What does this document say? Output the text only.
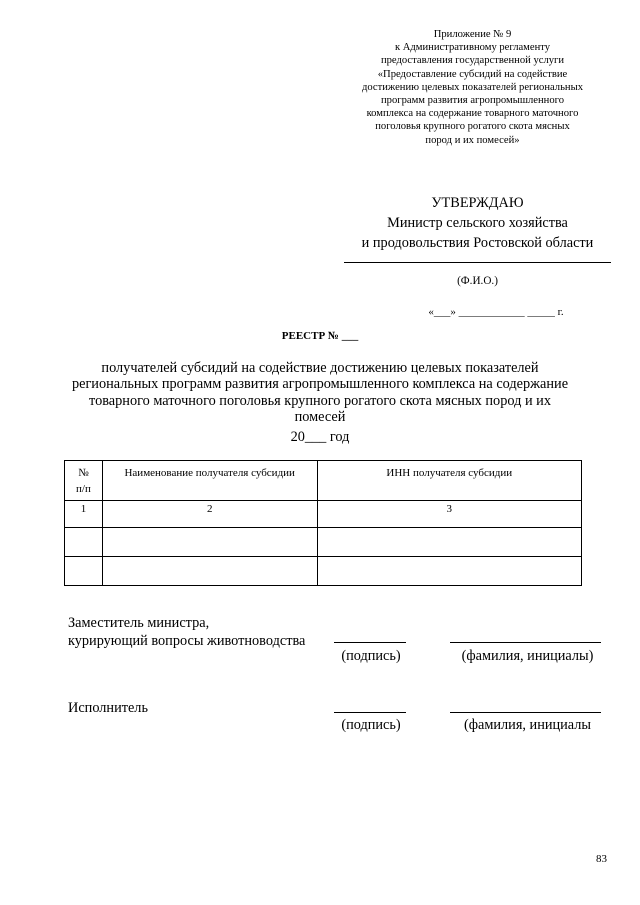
Приложение № 9
к Административному регламенту
предоставления государственной услуги
«Предоставление субсидий на содействие
достижению целевых показателей региональных
программ развития агропромышленного
комплекса на содержание товарного маточного
поголовья крупного рогатого скота мясных
пород и их помесей»
УТВЕРЖДАЮ
Министр сельского хозяйства
и продовольствия Ростовской области
(Ф.И.О.)
«___» ____________ _____ г.
РЕЕСТР № ___
получателей субсидий на содействие достижению целевых показателей
региональных программ развития агропромышленного комплекса на содержание
товарного маточного поголовья крупного рогатого скота мясных пород и их
помесей
20___ год
№
п/п	Наименование получателя субсидии	ИНН получателя субсидии
1	2	3

Заместитель министра,
курирующий вопросы животноводства
(подпись)	(фамилия, инициалы)
Исполнитель
(подпись)	(фамилия, инициалы
83
